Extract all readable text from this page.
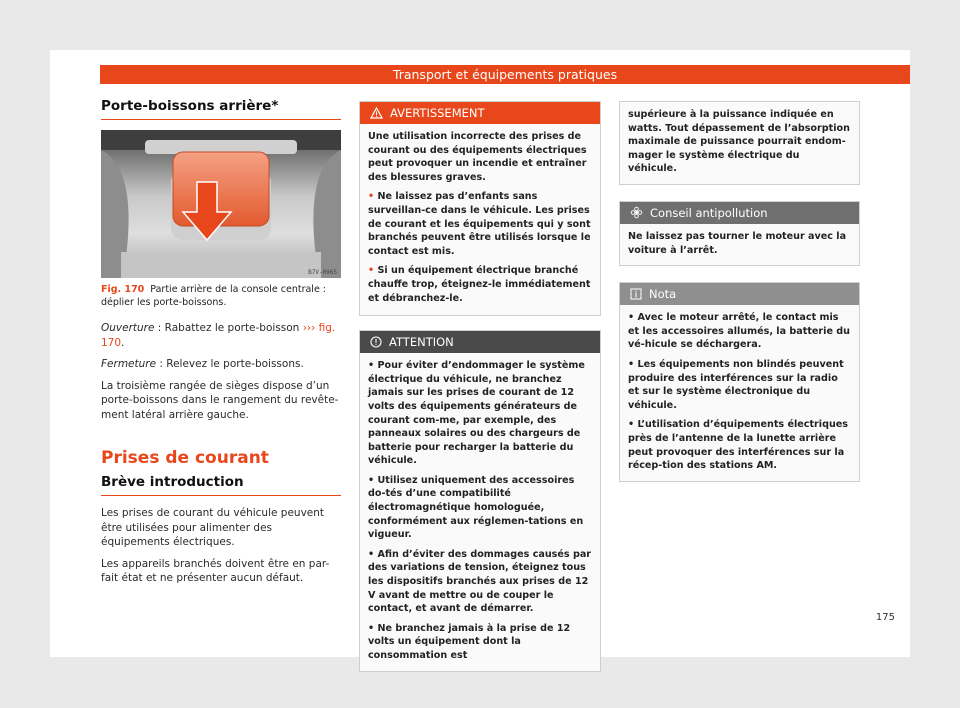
Transport et équipements pratiques
Porte-boissons arrière*
B7V-0965
Fig. 170 Partie arrière de la console centrale : déplier les porte-boissons.

Ouverture : Rabattez le porte-boisson ››› fig. 170.

Fermeture : Relevez le porte-boissons.

La troisième rangée de sièges dispose d’un porte-boissons dans le rangement du revête-ment latéral arrière gauche.

Prises de courant
Brève introduction

Les prises de courant du véhicule peuvent être utilisées pour alimenter des équipements électriques.

Les appareils branchés doivent être en par-fait état et ne présenter aucun défaut.

AVERTISSEMENT

Une utilisation incorrecte des prises de courant ou des équipements électriques peut provoquer un incendie et entraîner des blessures graves.

• Ne laissez pas d’enfants sans surveillan-ce dans le véhicule. Les prises de courant et les équipements qui y sont branchés peuvent être utilisés lorsque le contact est mis.

• Si un équipement électrique branché chauffe trop, éteignez-le immédiatement et débranchez-le.

ATTENTION

• Pour éviter d’endommager le système électrique du véhicule, ne branchez jamais sur les prises de courant de 12 volts des équipements générateurs de courant com-me, par exemple, des panneaux solaires ou des chargeurs de batterie pour recharger la batterie du véhicule.

• Utilisez uniquement des accessoires do-tés d’une compatibilité électromagnétique homologuée, conformément aux réglemen-tations en vigueur.

• Afin d’éviter des dommages causés par des variations de tension, éteignez tous les dispositifs branchés aux prises de 12 V avant de mettre ou de couper le contact, et avant de démarrer.

• Ne branchez jamais à la prise de 12 volts un équipement dont la consommation est

supérieure à la puissance indiquée en watts. Tout dépassement de l’absorption maximale de puissance pourrait endom-mager le système électrique du véhicule.
Conseil antipollution
Ne laissez pas tourner le moteur avec la voiture à l’arrêt.
Nota

• Avec le moteur arrêté, le contact mis et les accessoires allumés, la batterie du vé-hicule se déchargera.

• Les équipements non blindés peuvent produire des interférences sur la radio et sur le système électronique du véhicule.

• L’utilisation d’équipements électriques près de l’antenne de la lunette arrière peut provoquer des interférences sur la récep-tion des stations AM.

175
